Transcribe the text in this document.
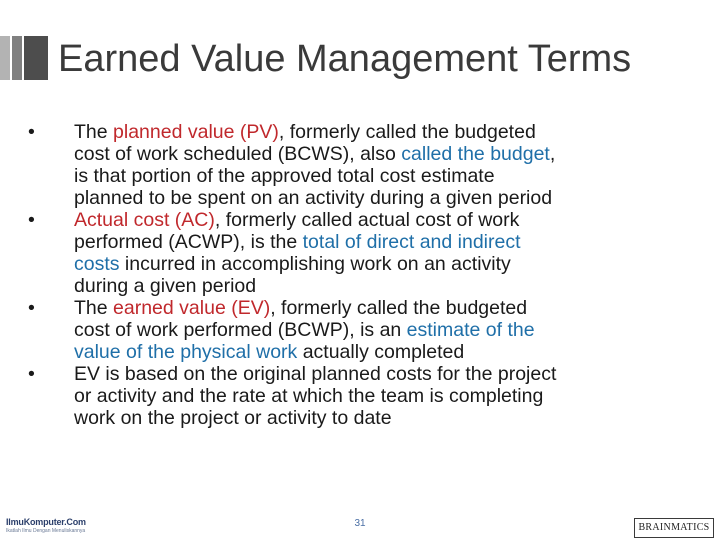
Earned Value Management Terms
•	The planned value (PV), formerly called the budgeted
cost of work scheduled (BCWS), also called the budget,
is that portion of the approved total cost estimate
planned to be spent on an activity during a given period
•	Actual cost (AC), formerly called actual cost of work
performed (ACWP), is the total of direct and indirect
costs incurred in accomplishing work on an activity
during a given period
•	The earned value (EV), formerly called the budgeted
cost of work performed (BCWP), is an estimate of the
value of the physical work actually completed
•	EV is based on the original planned costs for the project
or activity and the rate at which the team is completing
work on the project or activity to date
IlmuKomputer.Com
Ikatlah Ilmu Dengan Menuliskannya
31	BRAINMATICS
